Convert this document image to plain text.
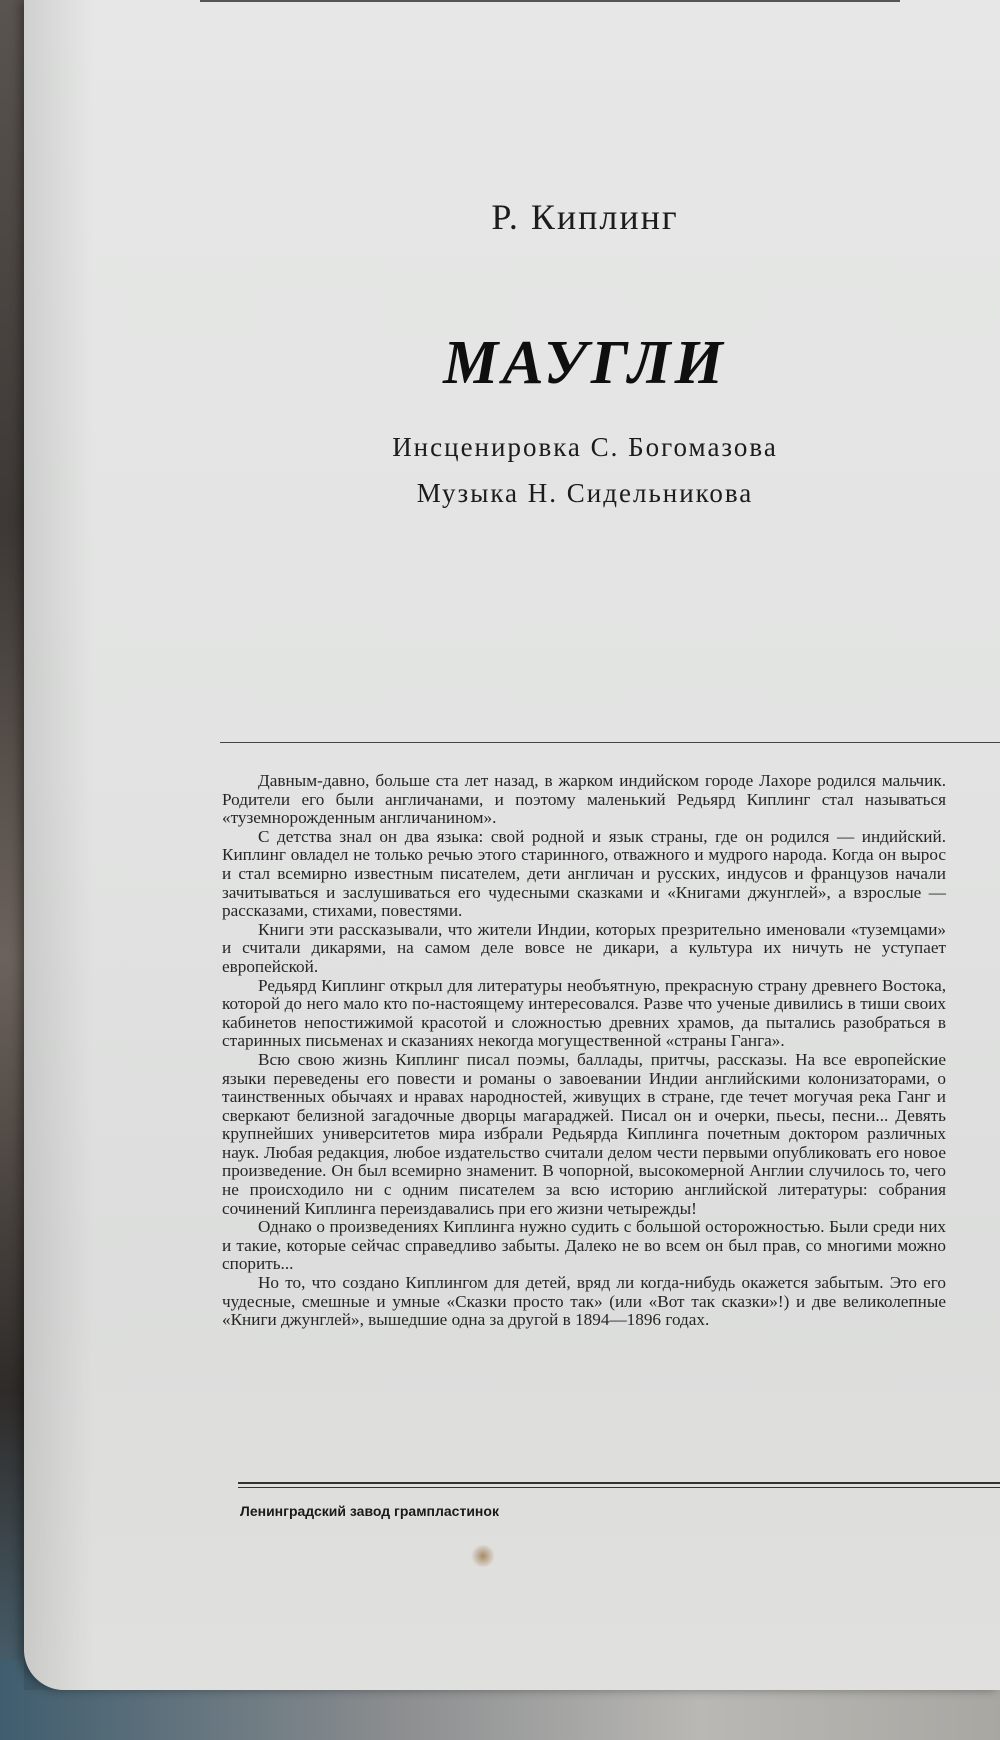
Р. Киплинг
МАУГЛИ
Инсценировка С. Богомазова
Музыка Н. Сидельникова

Давным-давно, больше ста лет назад, в жарком индийском городе Лахоре родился мальчик. Родители его были англичанами, и поэтому маленький Редьярд Киплинг стал называться «туземнорожденным англичанином».

С детства знал он два языка: свой родной и язык страны, где он родился — индийский. Киплинг овладел не только речью этого старинного, отважного и мудрого народа. Когда он вырос и стал всемирно известным писателем, дети англичан и русских, индусов и французов начали зачитываться и заслушиваться его чудесными сказками и «Книгами джунглей», а взрослые — рассказами, стихами, повестями.

Книги эти рассказывали, что жители Индии, которых презрительно именовали «туземцами» и считали дикарями, на самом деле вовсе не дикари, а культура их ничуть не уступает европейской.

Редьярд Киплинг открыл для литературы необъятную, прекрасную страну древнего Востока, которой до него мало кто по-настоящему интересовался. Разве что ученые дивились в тиши своих кабинетов непостижимой красотой и сложностью древних храмов, да пытались разобраться в старинных письменах и сказаниях некогда могущественной «страны Ганга».

Всю свою жизнь Киплинг писал поэмы, баллады, притчы, рассказы. На все европейские языки переведены его повести и романы о завоевании Индии английскими колонизаторами, о таинственных обычаях и нравах народностей, живущих в стране, где течет могучая река Ганг и сверкают белизной загадочные дворцы магараджей. Писал он и очерки, пьесы, песни... Девять крупнейших университетов мира избрали Редьярда Киплинга почетным доктором различных наук. Любая редакция, любое издательство считали делом чести первыми опубликовать его новое произведение. Он был всемирно знаменит. В чопорной, высокомерной Англии случилось то, чего не происходило ни с одним писателем за всю историю английской литературы: собрания сочинений Киплинга переиздавались при его жизни четырежды!

Однако о произведениях Киплинга нужно судить с большой осторожностью. Были среди них и такие, которые сейчас справедливо забыты. Далеко не во всем он был прав, со многими можно спорить...

Но то, что создано Киплингом для детей, вряд ли когда-нибудь окажется забытым. Это его чудесные, смешные и умные «Сказки просто так» (или «Вот так сказки»!) и две великолепные «Книги джунглей», вышедшие одна за другой в 1894—1896 годах.

Ленинградский завод грампластинок
